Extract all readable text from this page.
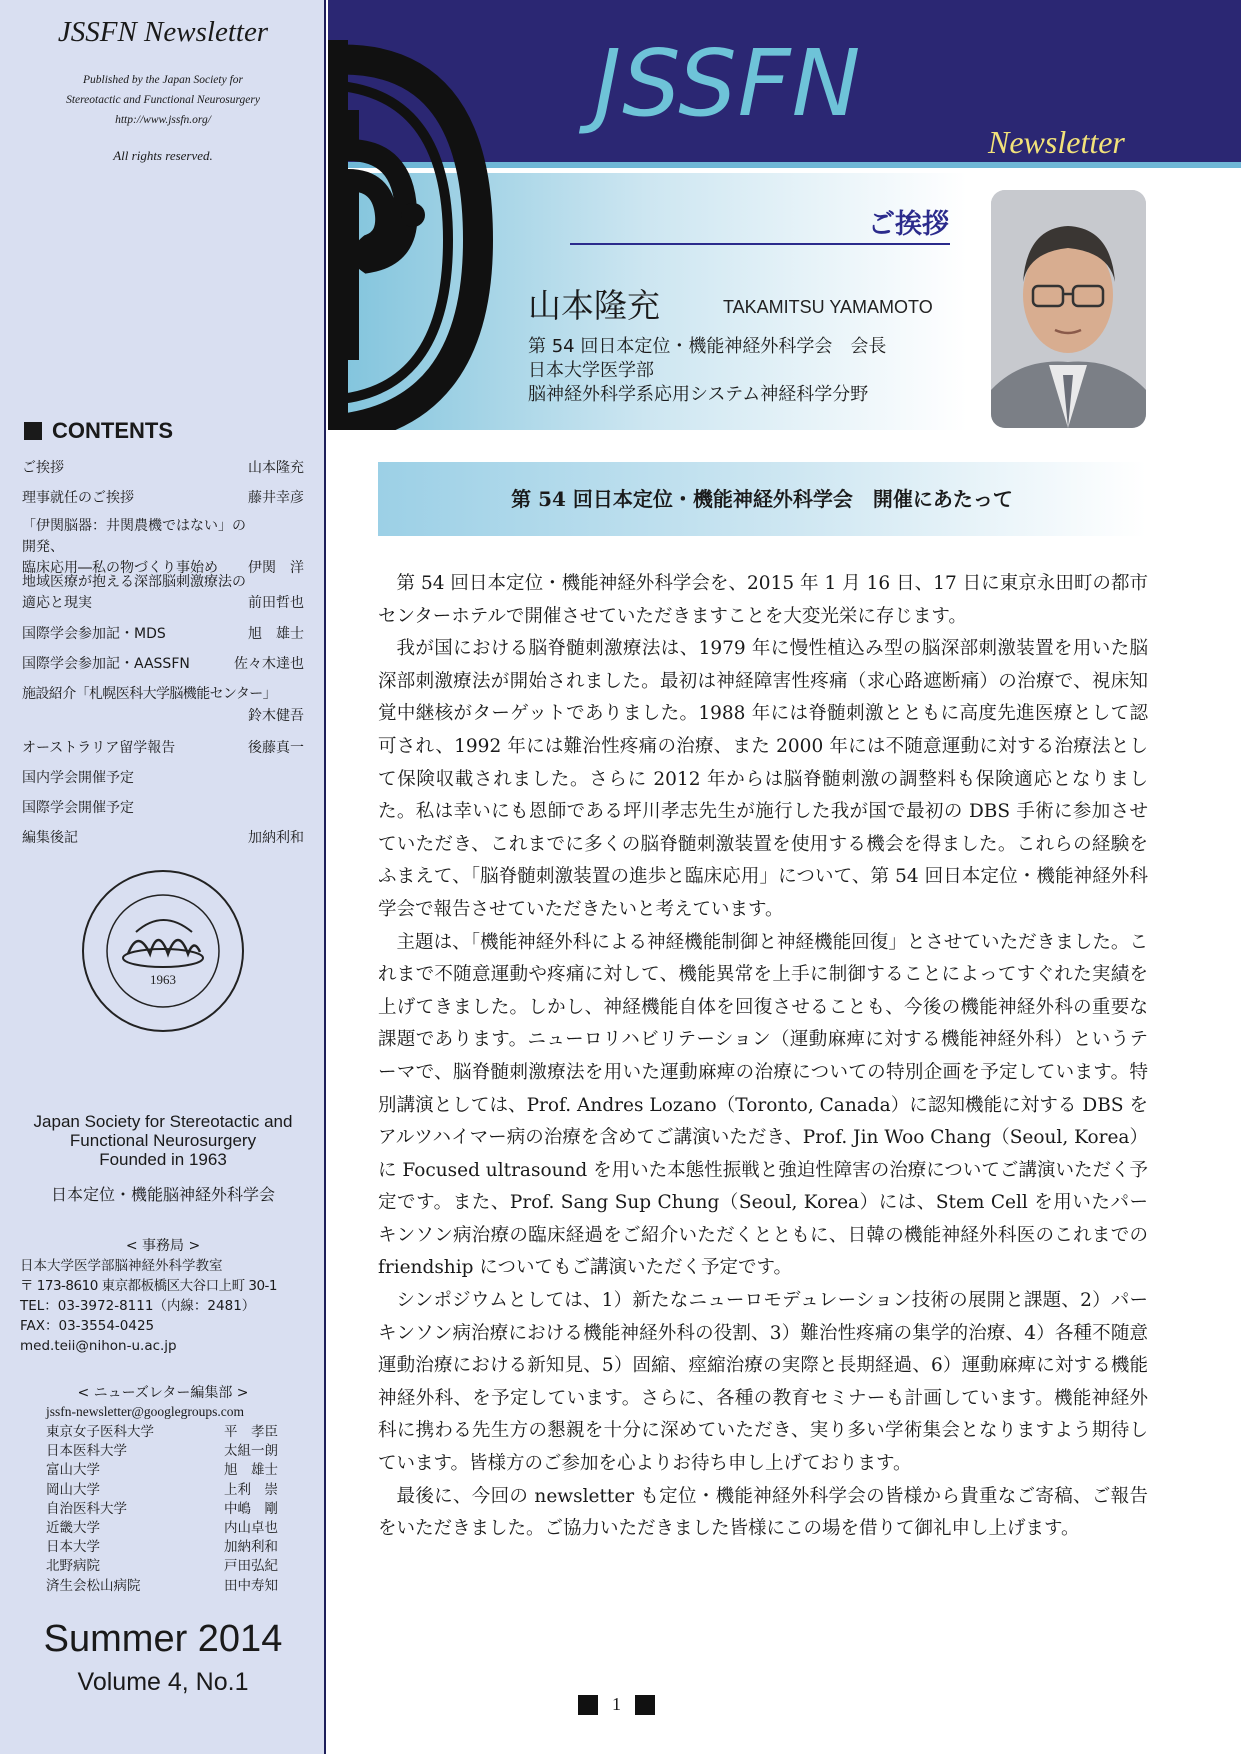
JSSFN Newsletter
Published by the Japan Society for
Stereotactic and Functional Neurosurgery
http://www.jssfn.org/
All rights reserved.
CONTENTS
ご挨拶	山本隆充
理事就任のご挨拶	藤井幸彦
「伊関脳器：井関農機ではない」の開発、
臨床応用―私の物づくり事始め	伊関　洋
地域医療が抱える深部脳刺激療法の
適応と現実	前田哲也
国際学会参加記・MDS	旭　雄士
国際学会参加記・AASSFN	佐々木達也
施設紹介「札幌医科大学脳機能センター」
鈴木健吾
オーストラリア留学報告	後藤真一
国内学会開催予定
国際学会開催予定
編集後記	加納利和
1963
Japan Society for Stereotactic and
Functional Neurosurgery
Founded in 1963
日本定位・機能脳神経外科学会
< 事務局 >
日本大学医学部脳神経外科学教室
〒 173-8610 東京都板橋区大谷口上町 30-1
TEL：03-3972-8111（内線：2481）
FAX：03-3554-0425
med.teii@nihon-u.ac.jp
< ニューズレター編集部 >
jssfn-newsletter@googlegroups.com
東京女子医科大学	平　孝臣
日本医科大学	太組一朗
富山大学	旭　雄士
岡山大学	上利　崇
自治医科大学	中嶋　剛
近畿大学	内山卓也
日本大学	加納利和
北野病院	戸田弘紀
済生会松山病院	田中寿知
Summer 2014
Volume 4, No.1
JSSFN
Newsletter
ご挨拶
山本隆充	TAKAMITSU YAMAMOTO
第 54 回日本定位・機能神経外科学会　会長
日本大学医学部
脳神経外科学系応用システム神経科学分野
第 54 回日本定位・機能神経外科学会　開催にあたって

第 54 回日本定位・機能神経外科学会を、2015 年 1 月 16 日、17 日に東京永田町の都市センターホテルで開催させていただきますことを大変光栄に存じます。

我が国における脳脊髄刺激療法は、1979 年に慢性植込み型の脳深部刺激装置を用いた脳深部刺激療法が開始されました。最初は神経障害性疼痛（求心路遮断痛）の治療で、視床知覚中継核がターゲットでありました。1988 年には脊髄刺激とともに高度先進医療として認可され、1992 年には難治性疼痛の治療、また 2000 年には不随意運動に対する治療法として保険収載されました。さらに 2012 年からは脳脊髄刺激の調整料も保険適応となりました。私は幸いにも恩師である坪川孝志先生が施行した我が国で最初の DBS 手術に参加させていただき、これまでに多くの脳脊髄刺激装置を使用する機会を得ました。これらの経験をふまえて、「脳脊髄刺激装置の進歩と臨床応用」について、第 54 回日本定位・機能神経外科学会で報告させていただきたいと考えています。

主題は、「機能神経外科による神経機能制御と神経機能回復」とさせていただきました。これまで不随意運動や疼痛に対して、機能異常を上手に制御することによってすぐれた実績を上げてきました。しかし、神経機能自体を回復させることも、今後の機能神経外科の重要な課題であります。ニューロリハビリテーション（運動麻痺に対する機能神経外科）というテーマで、脳脊髄刺激療法を用いた運動麻痺の治療についての特別企画を予定しています。特別講演としては、Prof. Andres Lozano（Toronto, Canada）に認知機能に対する DBS をアルツハイマー病の治療を含めてご講演いただき、Prof. Jin Woo Chang（Seoul, Korea）に Focused ultrasound を用いた本態性振戦と強迫性障害の治療についてご講演いただく予定です。また、Prof. Sang Sup Chung（Seoul, Korea）には、Stem Cell を用いたパーキンソン病治療の臨床経過をご紹介いただくとともに、日韓の機能神経外科医のこれまでの friendship についてもご講演いただく予定です。

シンポジウムとしては、1）新たなニューロモデュレーション技術の展開と課題、2）パーキンソン病治療における機能神経外科の役割、3）難治性疼痛の集学的治療、4）各種不随意運動治療における新知見、5）固縮、痙縮治療の実際と長期経過、6）運動麻痺に対する機能神経外科、を予定しています。さらに、各種の教育セミナーも計画しています。機能神経外科に携わる先生方の懇親を十分に深めていただき、実り多い学術集会となりますよう期待しています。皆様方のご参加を心よりお待ち申し上げております。

最後に、今回の newsletter も定位・機能神経外科学会の皆様から貴重なご寄稿、ご報告をいただきました。ご協力いただきました皆様にこの場を借りて御礼申し上げます。

1
